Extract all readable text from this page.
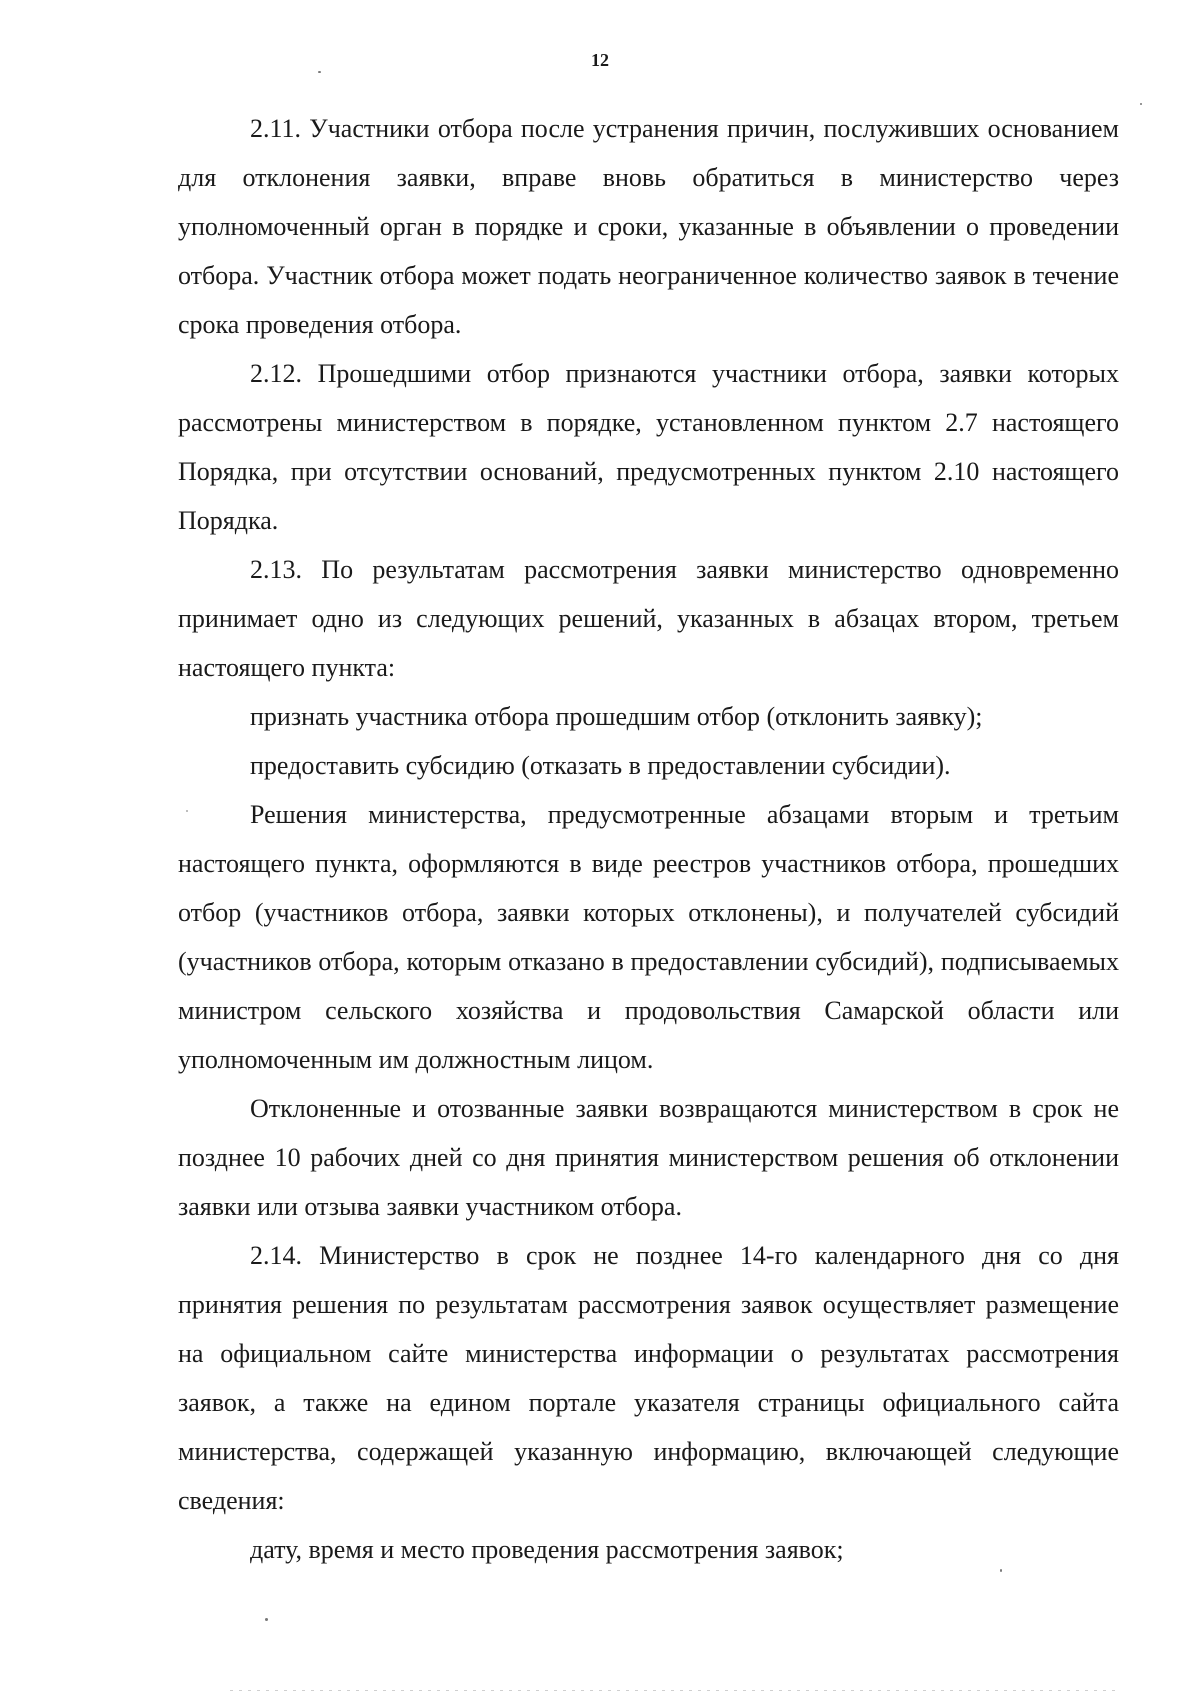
12

2.11. Участники отбора после устранения причин, послуживших основанием для отклонения заявки, вправе вновь обратиться в министерство через уполномоченный орган в порядке и сроки, указанные в объявлении о проведении отбора. Участник отбора может подать неограниченное количество заявок в течение срока проведения отбора.

2.12. Прошедшими отбор признаются участники отбора, заявки которых рассмотрены министерством в порядке, установленном пунктом 2.7 настоящего Порядка, при отсутствии оснований, предусмотренных пунктом 2.10 настоящего Порядка.

2.13. По результатам рассмотрения заявки министерство одновременно принимает одно из следующих решений, указанных в абзацах втором, третьем настоящего пункта:

признать участника отбора прошедшим отбор (отклонить заявку);

предоставить субсидию (отказать в предоставлении субсидии).

Решения министерства, предусмотренные абзацами вторым и третьим настоящего пункта, оформляются в виде реестров участников отбора, прошедших отбор (участников отбора, заявки которых отклонены), и получателей субсидий (участников отбора, которым отказано в предоставлении субсидий), подписываемых министром сельского хозяйства и продовольствия Самарской области или уполномоченным им должностным лицом.

Отклоненные и отозванные заявки возвращаются министерством в срок не позднее 10 рабочих дней со дня принятия министерством решения об отклонении заявки или отзыва заявки участником отбора.

2.14. Министерство в срок не позднее 14-го календарного дня со дня принятия решения по результатам рассмотрения заявок осуществляет размещение на официальном сайте министерства информации о результатах рассмотрения заявок, а также на едином портале указателя страницы официального сайта министерства, содержащей указанную информацию, включающей следующие сведения:

дату, время и место проведения рассмотрения заявок;
